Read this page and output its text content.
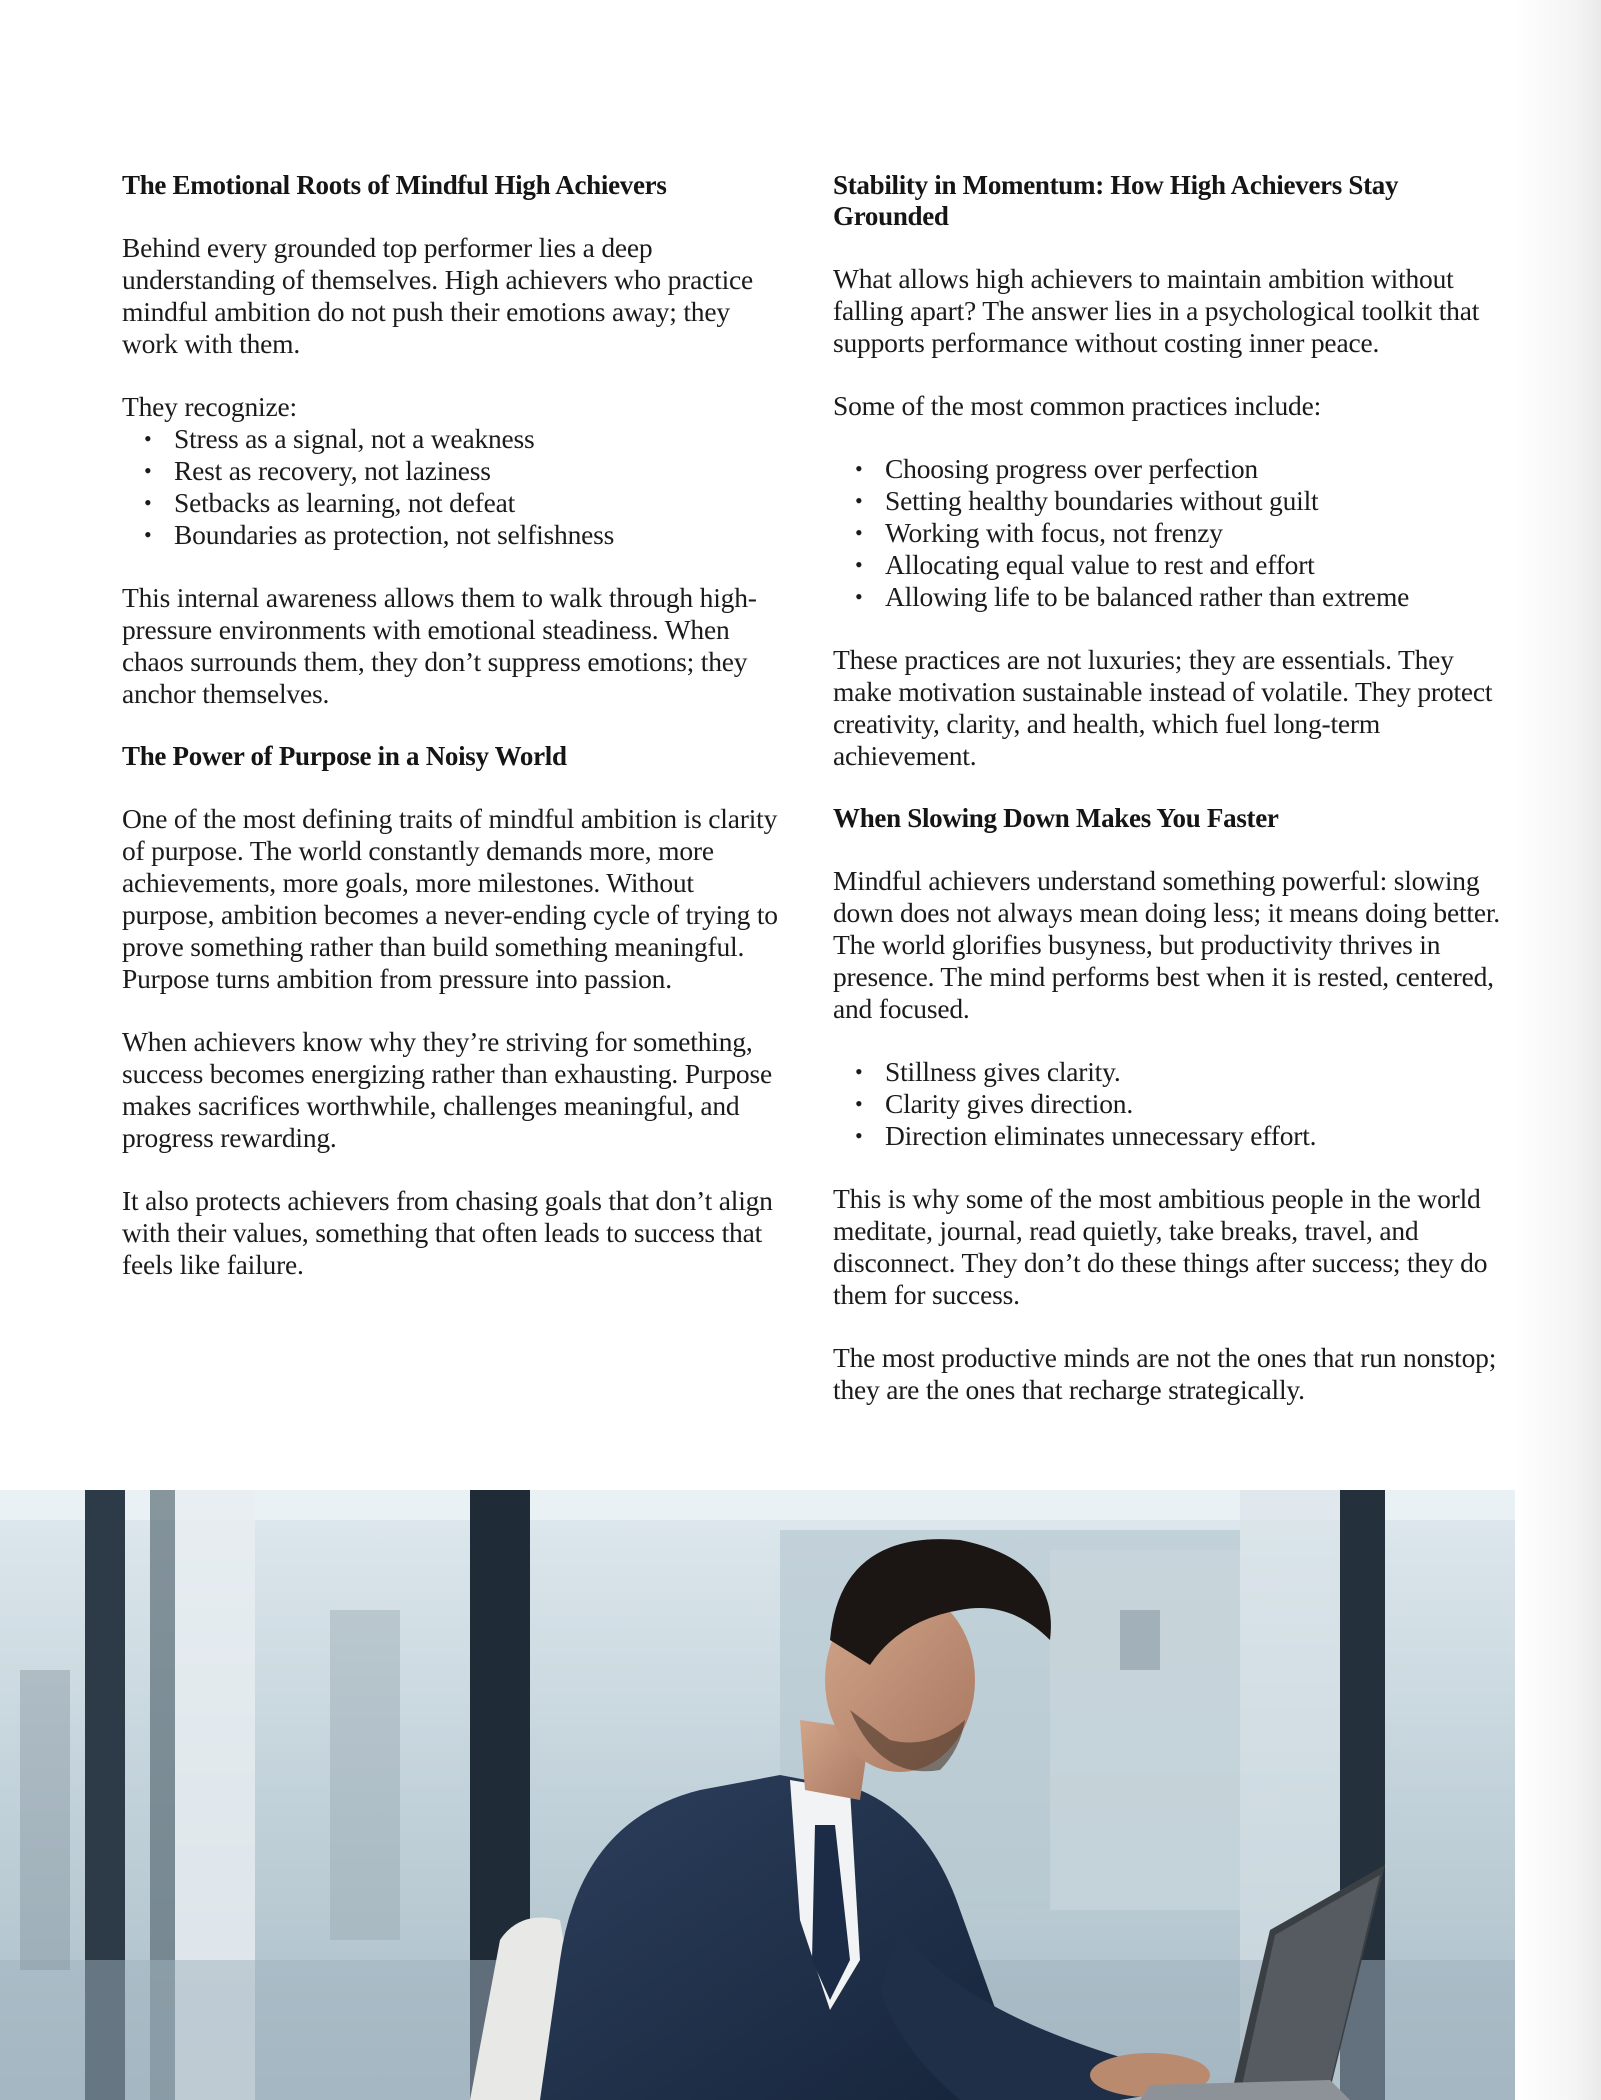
The Emotional Roots of Mindful High Achievers

Behind every grounded top performer lies a deep understanding of themselves. High achievers who practice mindful ambition do not push their emotions away; they work with them.

They recognize:

• Stress as a signal, not a weakness
• Rest as recovery, not laziness
• Setbacks as learning, not defeat
• Boundaries as protection, not selfishness

This internal awareness allows them to walk through high-pressure environments with emotional steadiness. When chaos surrounds them, they don’t suppress emotions; they anchor themselves.

The Power of Purpose in a Noisy World

One of the most defining traits of mindful ambition is clarity of purpose. The world constantly demands more, more achievements, more goals, more milestones. Without purpose, ambition becomes a never-ending cycle of trying to prove something rather than build something meaningful.

Purpose turns ambition from pressure into passion.

When achievers know why they’re striving for something, success becomes energizing rather than exhausting. Purpose makes sacrifices worthwhile, challenges meaningful, and progress rewarding.

It also protects achievers from chasing goals that don’t align with their values, something that often leads to success that feels like failure.

Stability in Momentum: How High Achievers Stay Grounded

What allows high achievers to maintain ambition without falling apart? The answer lies in a psychological toolkit that supports performance without costing inner peace.

Some of the most common practices include:

• Choosing progress over perfection
• Setting healthy boundaries without guilt
• Working with focus, not frenzy
• Allocating equal value to rest and effort
• Allowing life to be balanced rather than extreme

These practices are not luxuries; they are essentials. They make motivation sustainable instead of volatile. They protect creativity, clarity, and health, which fuel long-term achievement.

When Slowing Down Makes You Faster

Mindful achievers understand something powerful: slowing down does not always mean doing less; it means doing better. The world glorifies busyness, but productivity thrives in presence. The mind performs best when it is rested, centered, and focused.

• Stillness gives clarity.
• Clarity gives direction.
• Direction eliminates unnecessary effort.

This is why some of the most ambitious people in the world meditate, journal, read quietly, take breaks, travel, and disconnect. They don’t do these things after success; they do them for success.

The most productive minds are not the ones that run nonstop; they are the ones that recharge strategically.
